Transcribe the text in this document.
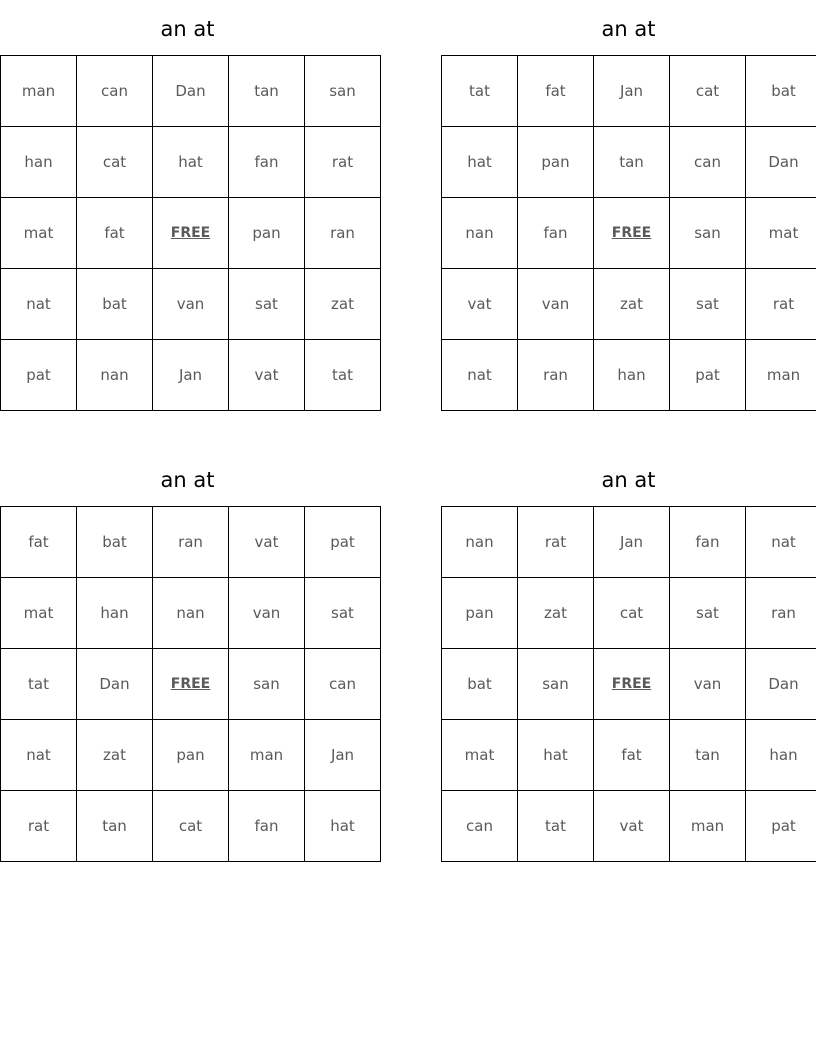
an at
man	can	Dan	tan	san
han	cat	hat	fan	rat
mat	fat	FREE	pan	ran
nat	bat	van	sat	zat
pat	nan	Jan	vat	tat
an at
tat	fat	Jan	cat	bat
hat	pan	tan	can	Dan
nan	fan	FREE	san	mat
vat	van	zat	sat	rat
nat	ran	han	pat	man
an at
fat	bat	ran	vat	pat
mat	han	nan	van	sat
tat	Dan	FREE	san	can
nat	zat	pan	man	Jan
rat	tan	cat	fan	hat
an at
nan	rat	Jan	fan	nat
pan	zat	cat	sat	ran
bat	san	FREE	van	Dan
mat	hat	fat	tan	han
can	tat	vat	man	pat
